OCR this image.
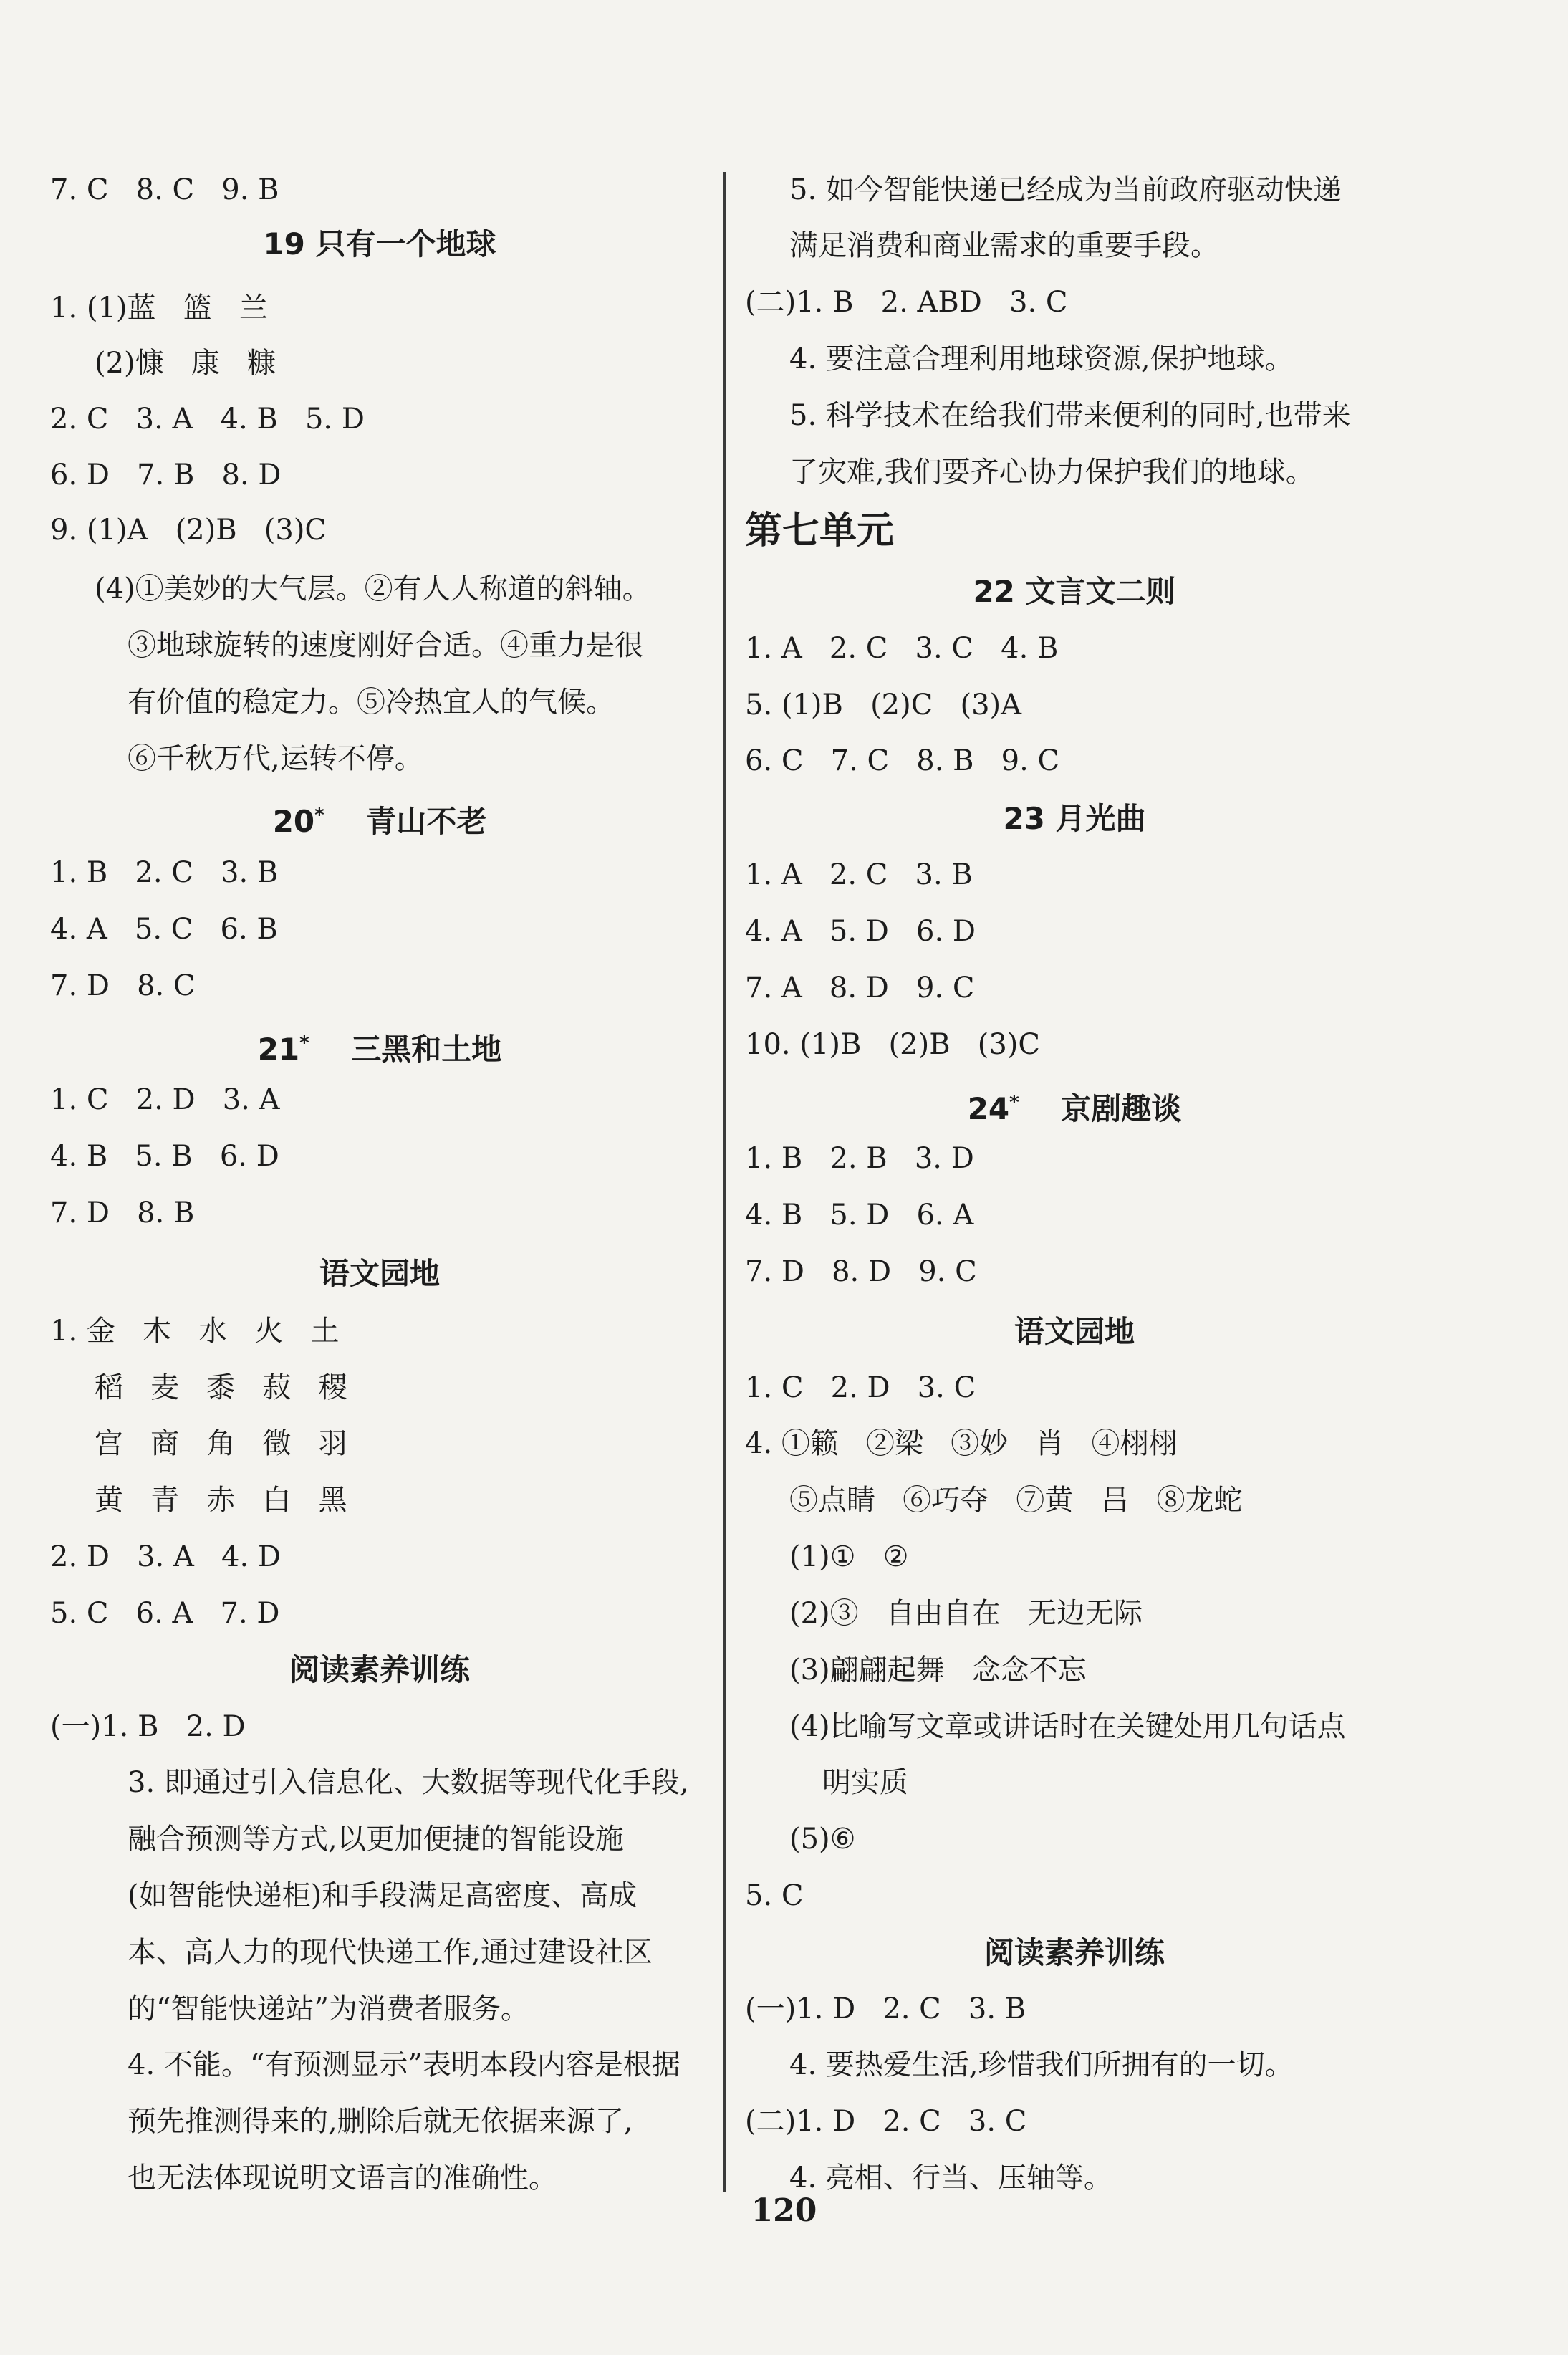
7. C   8. C   9. B
19 只有一个地球
1. (1)蓝   篮   兰
(2)慷   康   糠
2. C   3. A   4. B   5. D
6. D   7. B   8. D
9. (1)A   (2)B   (3)C
(4)①美妙的大气层。②有人人称道的斜轴。
③地球旋转的速度刚好合适。④重力是很
有价值的稳定力。⑤冷热宜人的气候。
⑥千秋万代,运转不停。
20* 青山不老
1. B   2. C   3. B
4. A   5. C   6. B
7. D   8. C
21* 三黑和土地
1. C   2. D   3. A
4. B   5. B   6. D
7. D   8. B
语文园地
1. 金   木   水   火   土
稻   麦   黍   菽   稷
宫   商   角   徵   羽
黄   青   赤   白   黑
2. D   3. A   4. D
5. C   6. A   7. D
阅读素养训练
(一)1. B   2. D
3. 即通过引入信息化、大数据等现代化手段,
融合预测等方式,以更加便捷的智能设施
(如智能快递柜)和手段满足高密度、高成
本、高人力的现代快递工作,通过建设社区
的“智能快递站”为消费者服务。
4. 不能。“有预测显示”表明本段内容是根据
预先推测得来的,删除后就无依据来源了,
也无法体现说明文语言的准确性。
5. 如今智能快递已经成为当前政府驱动快递
满足消费和商业需求的重要手段。
(二)1. B   2. ABD   3. C
4. 要注意合理利用地球资源,保护地球。
5. 科学技术在给我们带来便利的同时,也带来
了灾难,我们要齐心协力保护我们的地球。
第七单元
22 文言文二则
1. A   2. C   3. C   4. B
5. (1)B   (2)C   (3)A
6. C   7. C   8. B   9. C
23 月光曲
1. A   2. C   3. B
4. A   5. D   6. D
7. A   8. D   9. C
10. (1)B   (2)B   (3)C
24* 京剧趣谈
1. B   2. B   3. D
4. B   5. D   6. A
7. D   8. D   9. C
语文园地
1. C   2. D   3. C
4. ①籁   ②梁   ③妙   肖   ④栩栩
⑤点睛   ⑥巧夺   ⑦黄   吕   ⑧龙蛇
(1)①   ②
(2)③   自由自在   无边无际
(3)翩翩起舞   念念不忘
(4)比喻写文章或讲话时在关键处用几句话点
明实质
(5)⑥
5. C
阅读素养训练
(一)1. D   2. C   3. B
4. 要热爱生活,珍惜我们所拥有的一切。
(二)1. D   2. C   3. C
4. 亮相、行当、压轴等。
120
